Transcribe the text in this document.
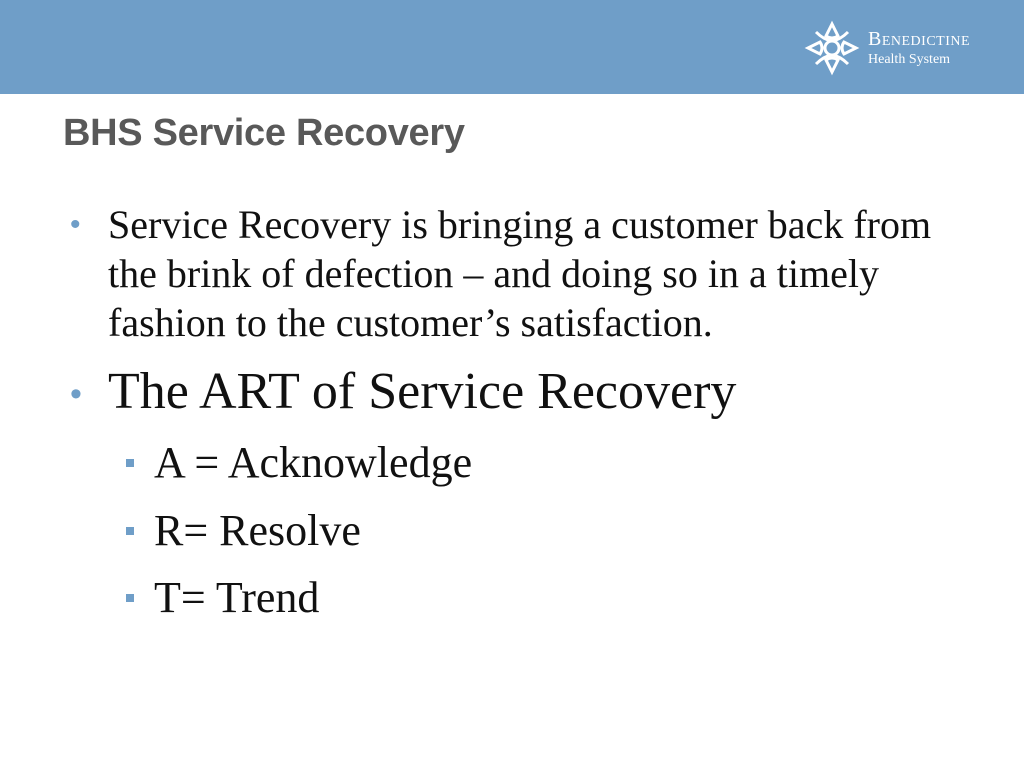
Benedictine
Health System
BHS Service Recovery
• Service Recovery is bringing a customer back from the brink of defection – and doing so in a timely fashion to the customer’s satisfaction.
• The ART of Service Recovery
A = Acknowledge
R= Resolve
T= Trend
